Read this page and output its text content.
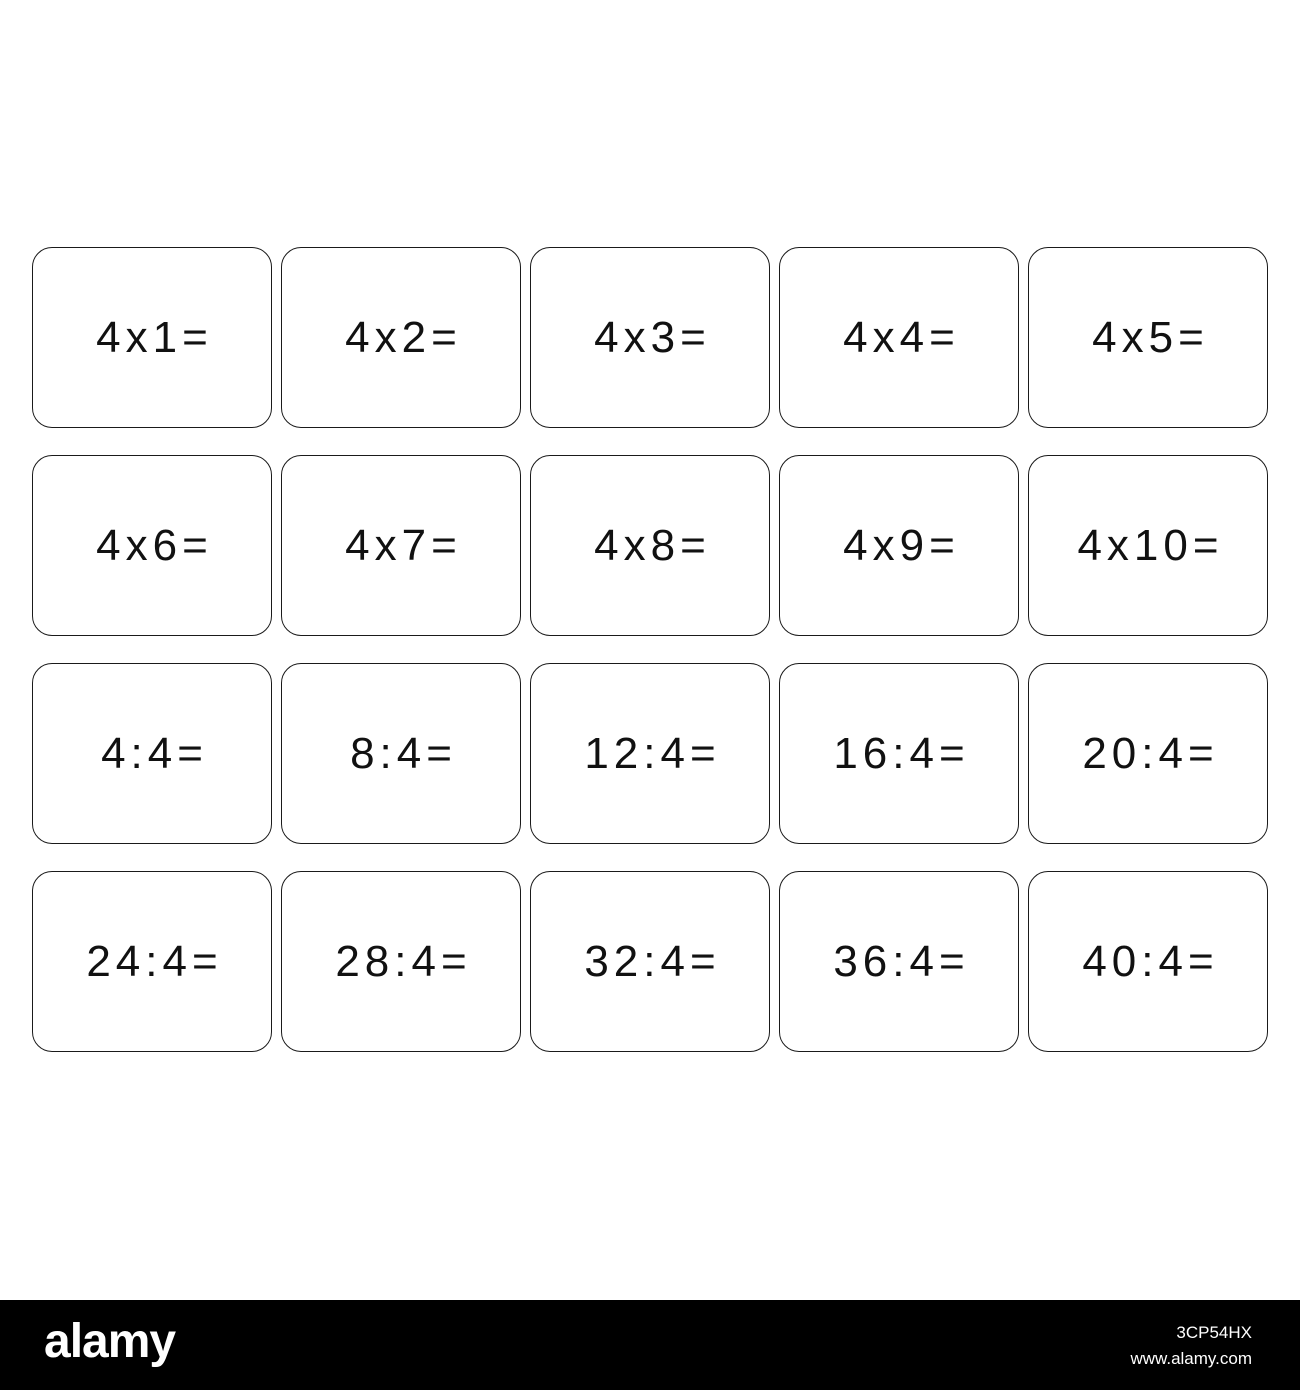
4x1=	4x2=	4x3=	4x4=	4x5=
4x6=	4x7=	4x8=	4x9=	4x10=
4:4=	8:4=	12:4=	16:4=	20:4=
24:4=	28:4=	32:4=	36:4=	40:4=
alamy	3CP54HX
www.alamy.com
